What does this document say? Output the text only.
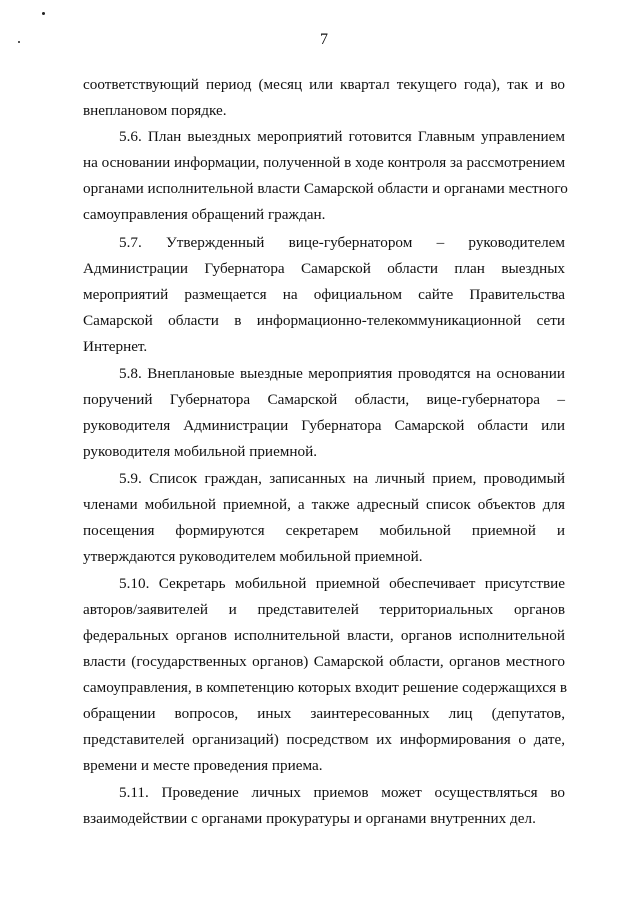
7
соответствующий период (месяц или квартал текущего года), так и во
внеплановом порядке.
5.6. План выездных мероприятий готовится Главным управлением
на основании информации, полученной в ходе контроля за рассмотрением
органами исполнительной власти Самарской области и органами местного
самоуправления обращений граждан.
5.7. Утвержденный вице-губернатором – руководителем
Администрации Губернатора Самарской области план выездных
мероприятий размещается на официальном сайте Правительства
Самарской области в информационно-телекоммуникационной сети
Интернет.
5.8. Внеплановые выездные мероприятия проводятся на основании
поручений Губернатора Самарской области, вице-губернатора –
руководителя Администрации Губернатора Самарской области или
руководителя мобильной приемной.
5.9. Список граждан, записанных на личный прием, проводимый
членами мобильной приемной, а также адресный список объектов для
посещения формируются секретарем мобильной приемной и
утверждаются руководителем мобильной приемной.
5.10. Секретарь мобильной приемной обеспечивает присутствие
авторов/заявителей и представителей территориальных органов
федеральных органов исполнительной власти, органов исполнительной
власти (государственных органов) Самарской области, органов местного
самоуправления, в компетенцию которых входит решение содержащихся в
обращении вопросов, иных заинтересованных лиц (депутатов,
представителей организаций) посредством их информирования о дате,
времени и месте проведения приема.
5.11. Проведение личных приемов может осуществляться во
взаимодействии с органами прокуратуры и органами внутренних дел.
